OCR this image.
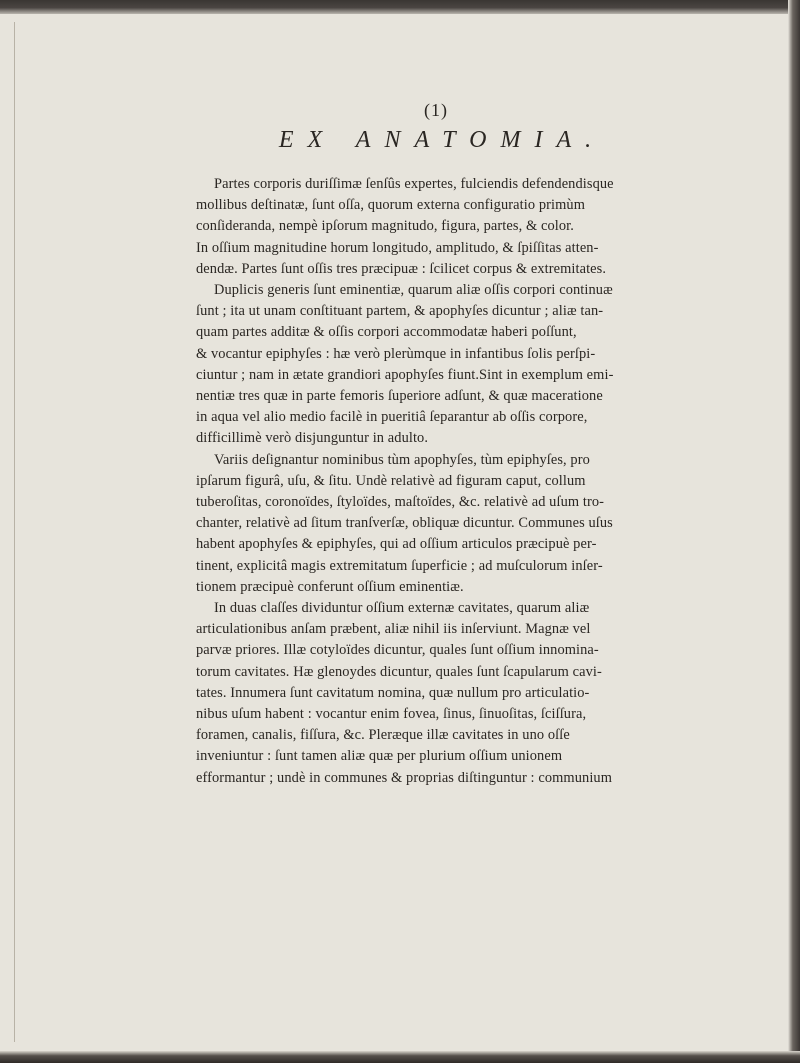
(1)
EX ANATOMIA.

Partes corporis duriſſimæ ſenſûs expertes, fulciendis defendendisque
mollibus deſtinatæ, ſunt oſſa, quorum externa configuratio primùm
conſideranda, nempè ipſorum magnitudo, figura, partes, & color.
In oſſium magnitudine horum longitudo, amplitudo, & ſpiſſitas atten-
dendæ. Partes ſunt oſſis tres præcipuæ : ſcilicet corpus & extremitates.

Duplicis generis ſunt eminentiæ, quarum aliæ oſſis corpori continuæ
ſunt ; ita ut unam conſtituant partem, & apophyſes dicuntur ; aliæ tan-
quam partes additæ & oſſis corpori accommodatæ haberi poſſunt,
& vocantur epiphyſes : hæ verò plerùmque in infantibus ſolis perſpi-
ciuntur ; nam in ætate grandiori apophyſes fiunt.Sint in exemplum emi-
nentiæ tres quæ in parte femoris ſuperiore adſunt, & quæ maceratione
in aqua vel alio medio facilè in pueritiâ ſeparantur ab oſſis corpore,
difficillimè verò disjunguntur in adulto.

Variis deſignantur nominibus tùm apophyſes, tùm epiphyſes, pro
ipſarum figurâ, uſu, & ſitu. Undè relativè ad figuram caput, collum
tuberoſitas, coronoïdes, ſtyloïdes, maſtoïdes, &c. relativè ad uſum tro-
chanter, relativè ad ſitum tranſverſæ, obliquæ dicuntur. Communes uſus
habent apophyſes & epiphyſes, qui ad oſſium articulos præcipuè per-
tinent, explicitâ magis extremitatum ſuperficie ; ad muſculorum inſer-
tionem præcipuè conferunt oſſium eminentiæ.

In duas claſſes dividuntur oſſium externæ cavitates, quarum aliæ
articulationibus anſam præbent, aliæ nihil iis inſerviunt. Magnæ vel
parvæ priores. Illæ cotyloïdes dicuntur, quales ſunt oſſium innomina-
torum cavitates. Hæ glenoydes dicuntur, quales ſunt ſcapularum cavi-
tates. Innumera ſunt cavitatum nomina, quæ nullum pro articulatio-
nibus uſum habent : vocantur enim fovea, ſinus, ſinuoſitas, ſciſſura,
foramen, canalis, fiſſura, &c. Pleræque illæ cavitates in uno oſſe
inveniuntur : ſunt tamen aliæ quæ per plurium oſſium unionem
efformantur ; undè in communes & proprias diſtinguntur : communium
